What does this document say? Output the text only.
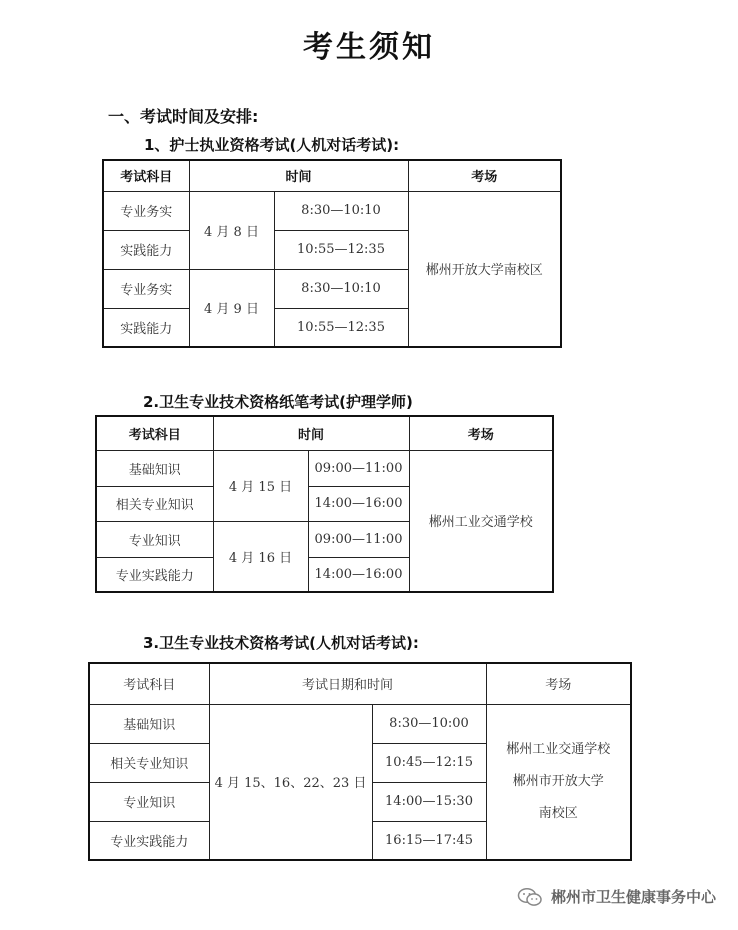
考生须知
一、考试时间及安排:
1、护士执业资格考试(人机对话考试):
考试科目	时间		考场
专业务实	4 月 8 日	8:30—10:10	郴州开放大学南校区
实践能力		10:55—12:35	
专业务实	4 月 9 日	8:30—10:10	
实践能力		10:55—12:35	
2.卫生专业技术资格纸笔考试(护理学师)
考试科目	时间		考场
基础知识	4 月 15 日	09:00—11:00	郴州工业交通学校
相关专业知识		14:00—16:00	
专业知识	4 月 16 日	09:00—11:00	
专业实践能力		14:00—16:00	
3.卫生专业技术资格考试(人机对话考试):
考试科目	考试日期和时间		考场
基础知识	4 月 15、16、22、23 日	8:30—10:00	郴州工业交通学校
郴州市开放大学
南校区

相关专业知识		10:45—12:15	
专业知识		14:00—15:30	
专业实践能力		16:15—17:45	
郴州市卫生健康事务中心
